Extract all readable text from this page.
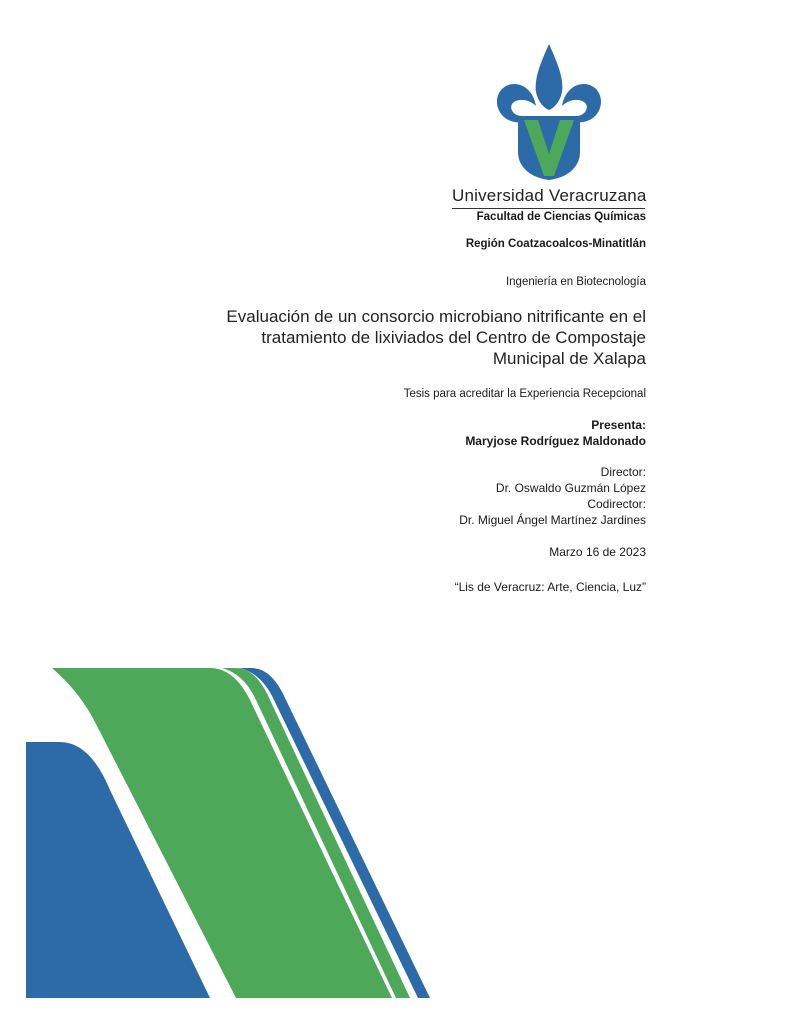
Universidad Veracruzana
Facultad de Ciencias Químicas
Región Coatzacoalcos-Minatitlán
Ingeniería en Biotecnología
Evaluación de un consorcio microbiano nitrificante en el
tratamiento de lixiviados del Centro de Compostaje
Municipal de Xalapa
Tesis para acreditar la Experiencia Recepcional
Presenta:
Maryjose Rodríguez Maldonado
Director:
Dr. Oswaldo Guzmán López
Codirector:
Dr. Miguel Ángel Martínez Jardines
Marzo 16 de 2023
“Lis de Veracruz: Arte, Ciencia, Luz”
